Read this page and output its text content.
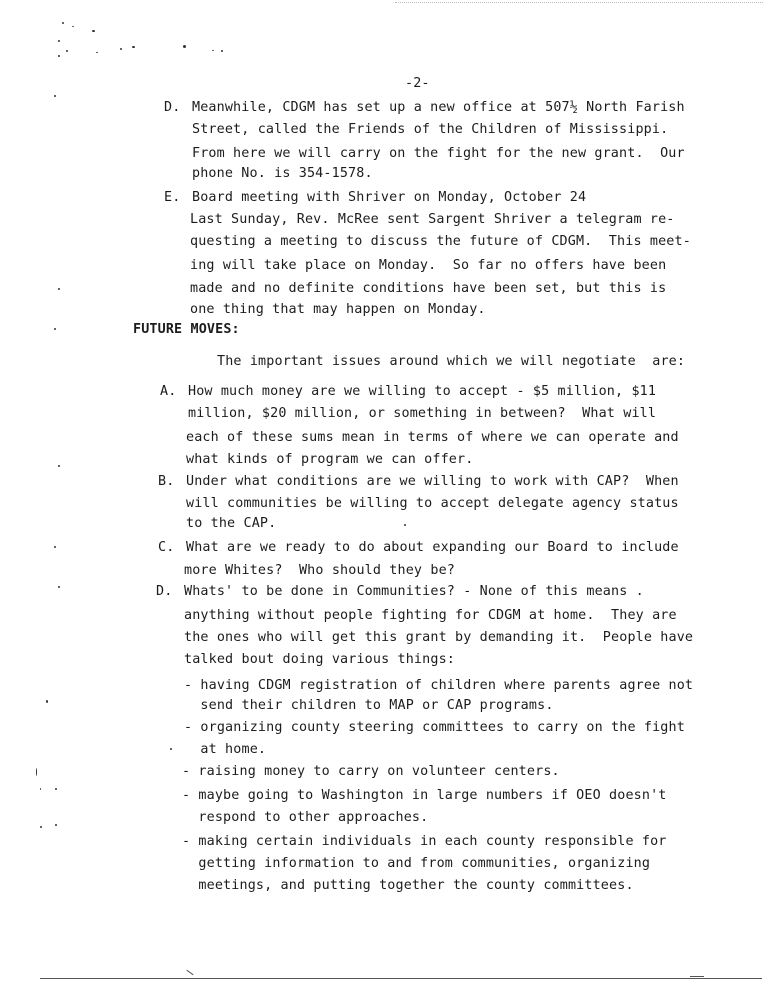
-2-
D. Meanwhile, CDGM has set up a new office at 507½ North Farish
Street, called the Friends of the Children of Mississippi.
From here we will carry on the fight for the new grant.  Our
phone No. is 354-1578.
E. Board meeting with Shriver on Monday, October 24
Last Sunday, Rev. McRee sent Sargent Shriver a telegram re-
questing a meeting to discuss the future of CDGM.  This meet-
ing will take place on Monday.  So far no offers have been
made and no definite conditions have been set, but this is
one thing that may happen on Monday.
FUTURE MOVES:
The important issues around which we will negotiate  are:
A. How much money are we willing to accept - $5 million, $11
million, $20 million, or something in between?  What will
each of these sums mean in terms of where we can operate and
what kinds of program we can offer.
B. Under what conditions are we willing to work with CAP?  When
will communities be willing to accept delegate agency status
to the CAP.
C. What are we ready to do about expanding our Board to include
more Whites?  Who should they be?
D. Whats' to be done in Communities? - None of this means .
anything without people fighting for CDGM at home.  They are
the ones who will get this grant by demanding it.  People have
talked bout doing various things:
- having CDGM registration of children where parents agree not
send their children to MAP or CAP programs.
- organizing county steering committees to carry on the fight
at home.
- raising money to carry on volunteer centers.
- maybe going to Washington in large numbers if OEO doesn't
respond to other approaches.
- making certain individuals in each county responsible for
getting information to and from communities, organizing
meetings, and putting together the county committees.
